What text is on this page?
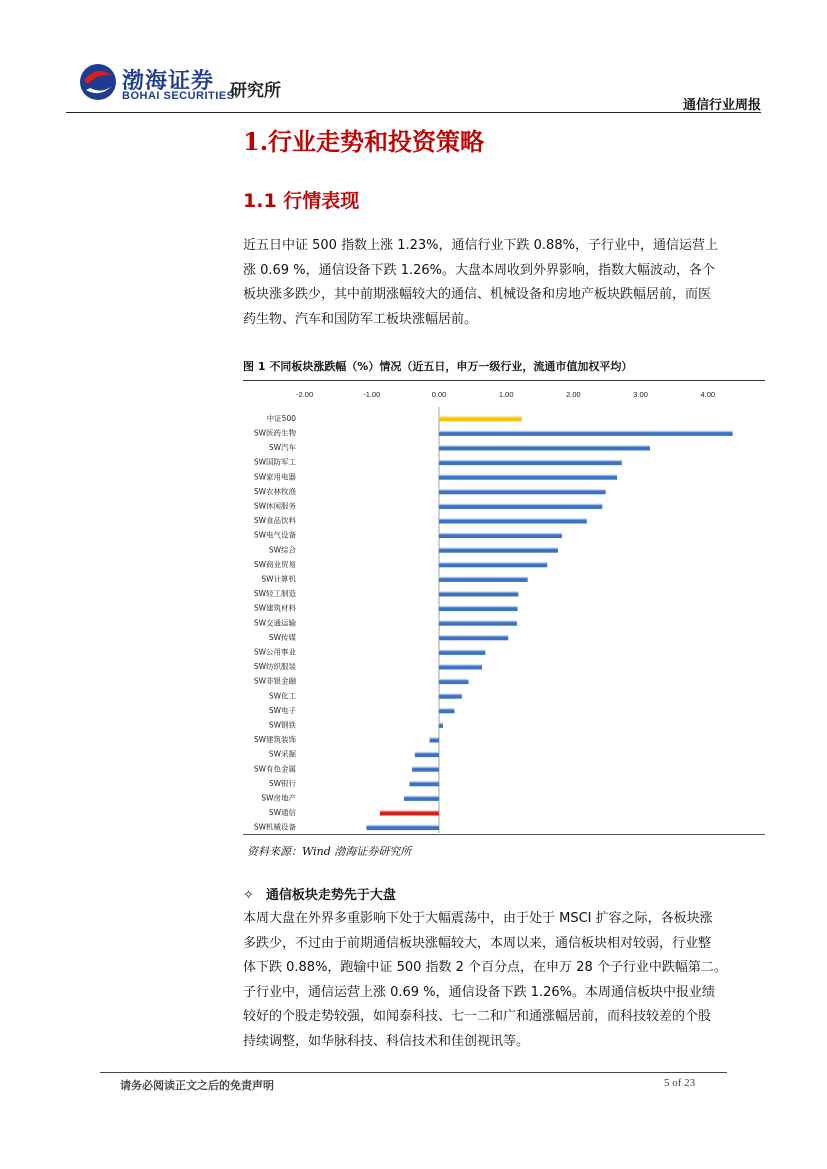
渤海证券
BOHAI SECURITIES
研究所
通信行业周报
1.行业走势和投资策略
1.1 行情表现
近五日中证 500 指数上涨 1.23%，通信行业下跌 0.88%，子行业中，通信运营上
涨 0.69 %，通信设备下跌 1.26%。大盘本周收到外界影响，指数大幅波动，各个
板块涨多跌少，其中前期涨幅较大的通信、机械设备和房地产板块跌幅居前，而医
药生物、汽车和国防军工板块涨幅居前。
图 1 不同板块涨跌幅（%）情况（近五日，申万一级行业，流通市值加权平均）
-2.00	-1.00	0.00	1.00	2.00	3.00	4.00
中证500
SW医药生物
SW汽车
SW国防军工
SW家用电器
SW农林牧渔
SW休闲服务
SW食品饮料
SW电气设备
SW综合
SW商业贸易
SW计算机
SW轻工制造
SW建筑材料
SW交通运输
SW传媒
SW公用事业
SW纺织服装
SW非银金融
SW化工
SW电子
SW钢铁
SW建筑装饰
SW采掘
SW有色金属
SW银行
SW房地产
SW通信
SW机械设备
资料来源：Wind 渤海证券研究所
✧ 通信板块走势先于大盘
本周大盘在外界多重影响下处于大幅震荡中，由于处于 MSCI 扩容之际，各板块涨
多跌少，不过由于前期通信板块涨幅较大，本周以来，通信板块相对较弱，行业整
体下跌 0.88%，跑输中证 500 指数 2 个百分点，在申万 28 个子行业中跌幅第二。
子行业中，通信运营上涨 0.69 %，通信设备下跌 1.26%。本周通信板块中报业绩
较好的个股走势较强，如闻泰科技、七一二和广和通涨幅居前，而科技较差的个股
持续调整，如华脉科技、科信技术和佳创视讯等。
请务必阅读正文之后的免责声明	5 of 23
